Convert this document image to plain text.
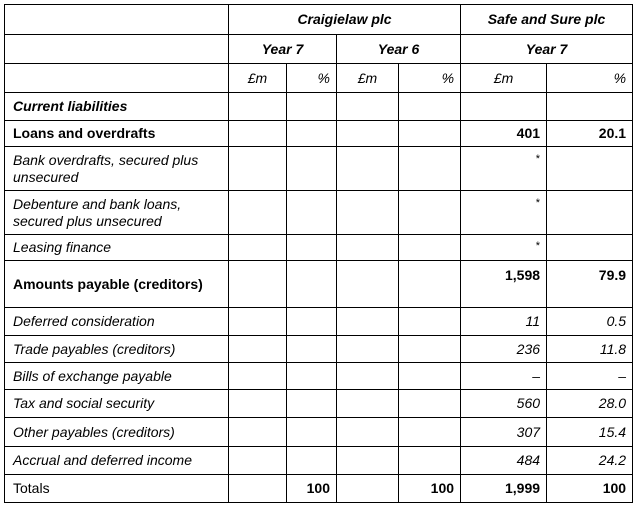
	Craigielaw plc				Safe and Sure plc	
	Year 7		Year 6		Year 7	
	£m	%	£m	%	£m	%
Current liabilities						
Loans and overdrafts					401	20.1
Bank overdrafts, secured plus unsecured					*	
Debenture and bank loans, secured plus unsecured					*	
Leasing finance					*	
Amounts payable (creditors)					1,598	79.9
Deferred consideration					11	0.5
Trade payables (creditors)					236	11.8
Bills of exchange payable					–	–
Tax and social security					560	28.0
Other payables (creditors)					307	15.4
Accrual and deferred income					484	24.2
Totals		100		100	1,999	100
